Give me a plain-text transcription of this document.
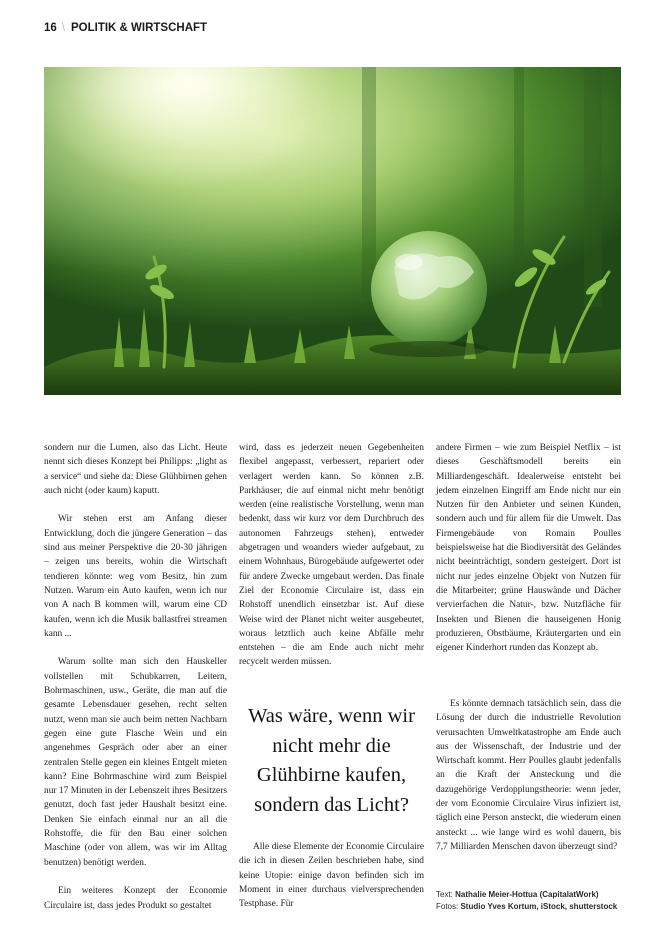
16 \ POLITIK & WIRTSCHAFT

sondern nur die Lumen, also das Licht. Heute nennt sich dieses Konzept bei Philipps: „light as a service“ und siehe da: Diese Glühbirnen gehen auch nicht (oder kaum) kaputt.

Wir stehen erst am Anfang dieser Entwicklung, doch die jüngere Generation – das sind aus meiner Perspektive die 20-30 jährigen – zeigen uns bereits, wohin die Wirtschaft tendieren könnte: weg vom Besitz, hin zum Nutzen. Warum ein Auto kaufen, wenn ich nur von A nach B kommen will, warum eine CD kaufen, wenn ich die Musik ballastfrei streamen kann ...

Warum sollte man sich den Hauskeller vollstellen mit Schubkarren, Leitern, Bohrmaschinen, usw., Geräte, die man auf die gesamte Lebensdauer gesehen, recht selten nutzt, wenn man sie auch beim netten Nachbarn gegen eine gute Flasche Wein und ein angenehmes Gespräch oder aber an einer zentralen Stelle gegen ein kleines Entgelt mieten kann? Eine Bohrmaschine wird zum Beispiel nur 17 Minuten in der Lebenszeit ihres Besitzers genutzt, doch fast jeder Haushalt besitzt eine. Denken Sie einfach einmal nur an all die Rohstoffe, die für den Bau einer solchen Maschine (oder von allem, was wir im Alltag benutzen) benötigt werden.

Ein weiteres Konzept der Economie Circulaire ist, dass jedes Produkt so gestaltet

wird, dass es jederzeit neuen Gegebenheiten flexibel angepasst, verbessert, repariert oder verlagert werden kann. So können z.B. Parkhäuser, die auf einmal nicht mehr benötigt werden (eine realistische Vorstellung, wenn man bedenkt, dass wir kurz vor dem Durchbruch des autonomen Fahrzeugs stehen), entweder abgetragen und woanders wieder aufgebaut, zu einem Wohnhaus, Bürogebäude aufgewertet oder für andere Zwecke umgebaut werden. Das finale Ziel der Economie Circulaire ist, dass ein Rohstoff unendlich einsetzbar ist. Auf diese Weise wird der Planet nicht weiter ausgebeutet, woraus letztlich auch keine Abfälle mehr entstehen – die am Ende auch nicht mehr recycelt werden müssen.

Was wäre, wenn wir nicht mehr die Glühbirne kaufen, sondern das Licht?

Alle diese Elemente der Economie Circulaire die ich in diesen Zeilen beschrieben habe, sind keine Utopie: einige davon befinden sich im Moment in einer durchaus vielversprechenden Testphase. Für

andere Firmen – wie zum Beispiel Netflix – ist dieses Geschäftsmodell bereits ein Milliardengeschäft. Idealerweise entsteht bei jedem einzelnen Eingriff am Ende nicht nur ein Nutzen für den Anbieter und seinen Kunden, sondern auch und für allem für die Umwelt. Das Firmengebäude von Romain Poulles beispielsweise hat die Biodiversität des Geländes nicht beeinträchtigt, sondern gesteigert. Dort ist nicht nur jedes einzelne Objekt von Nutzen für die Mitarbeiter; grüne Hauswände und Dächer vervierfachen die Natur-, bzw. Nutzfläche für Insekten und Bienen die hauseigenen Honig produzieren, Obstbäume, Kräutergarten und ein eigener Kinderhort runden das Konzept ab.

Es könnte demnach tatsächlich sein, dass die Lösung der durch die industrielle Revolution verursachten Umweltkatastrophe am Ende auch aus der Wissenschaft, der Industrie und der Wirtschaft kommt. Herr Poulles glaubt jedenfalls an die Kraft der Ansteckung und die dazugehörige Verdopplungstheorie: wenn jeder, der vom Economie Circulaire Virus infiziert ist, täglich eine Person ansteckt, die wiederum einen ansteckt ... wie lange wird es wohl dauern, bis 7,7 Milliarden Menschen davon überzeugt sind?

Text: Nathalie Meier-Hottua (CapitalatWork)
Fotos: Studio Yves Kortum, iStock, shutterstock
